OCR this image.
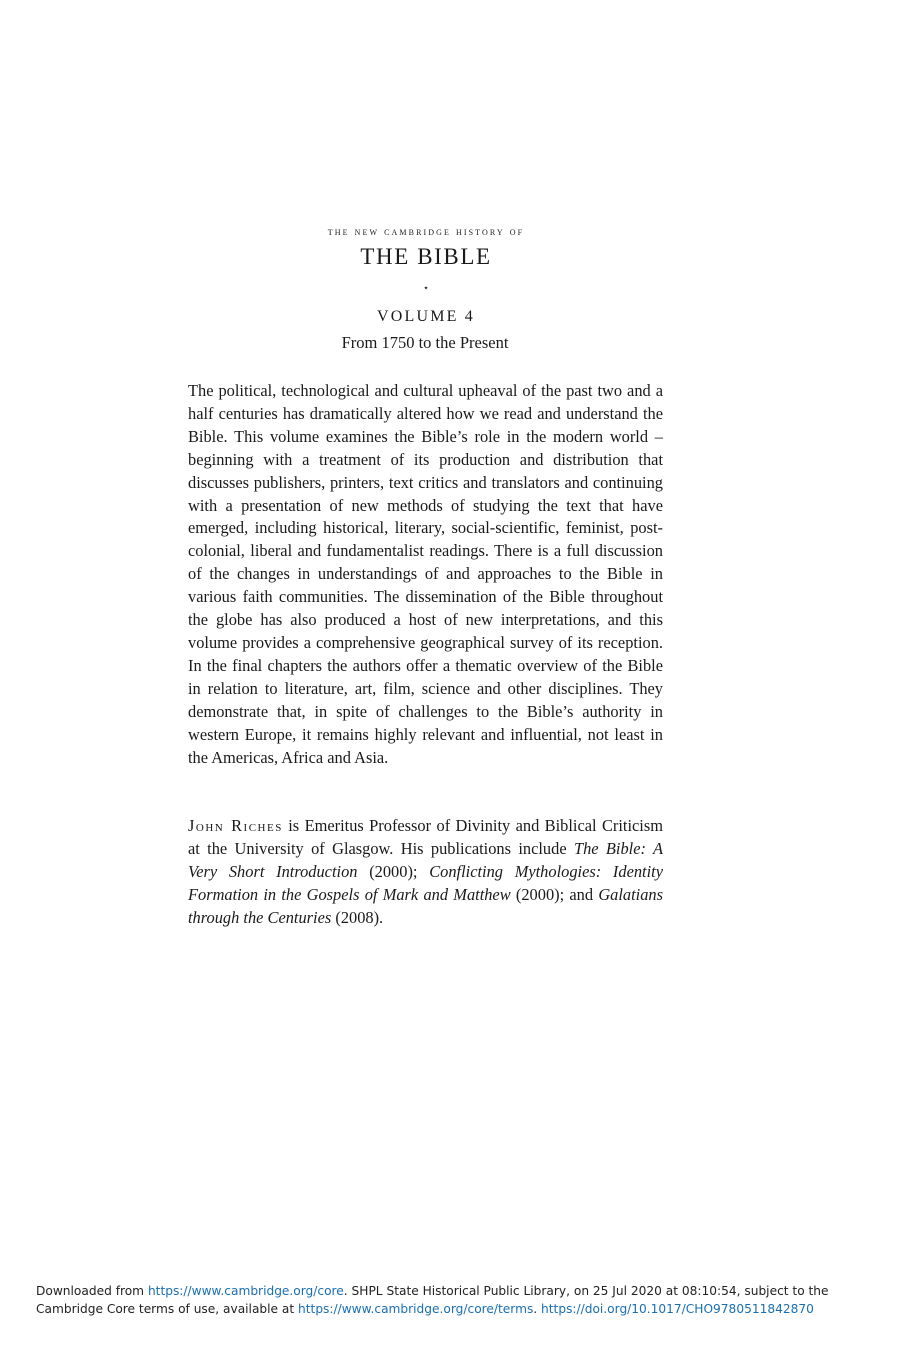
the new cambridge history of
THE BIBLE
⋆
VOLUME 4
From 1750 to the Present

The political, technological and cultural upheaval of the past two and a half centuries has dramatically altered how we read and understand the Bible. This volume examines the Bible’s role in the modern world – beginning with a treatment of its production and distribution that discusses publishers, printers, text critics and translators and continuing with a presentation of new methods of studying the text that have emerged, including historical, literary, social-scientific, feminist, post-colonial, liberal and fundamentalist readings. There is a full discussion of the changes in understandings of and approaches to the Bible in various faith communities. The dissemination of the Bible throughout the globe has also produced a host of new interpretations, and this volume provides a comprehensive geographical survey of its reception. In the final chapters the authors offer a thematic overview of the Bible in relation to literature, art, film, science and other disciplines. They demonstrate that, in spite of challenges to the Bible’s authority in western Europe, it remains highly relevant and influential, not least in the Americas, Africa and Asia.

John Riches is Emeritus Professor of Divinity and Biblical Criticism at the University of Glasgow. His publications include The Bible: A Very Short Introduction (2000); Conflicting Mythologies: Identity Formation in the Gospels of Mark and Matthew (2000); and Galatians through the Centuries (2008).

Downloaded from https://www.cambridge.org/core. SHPL State Historical Public Library, on 25 Jul 2020 at 08:10:54, subject to the Cambridge Core terms of use, available at https://www.cambridge.org/core/terms. https://doi.org/10.1017/CHO9780511842870
